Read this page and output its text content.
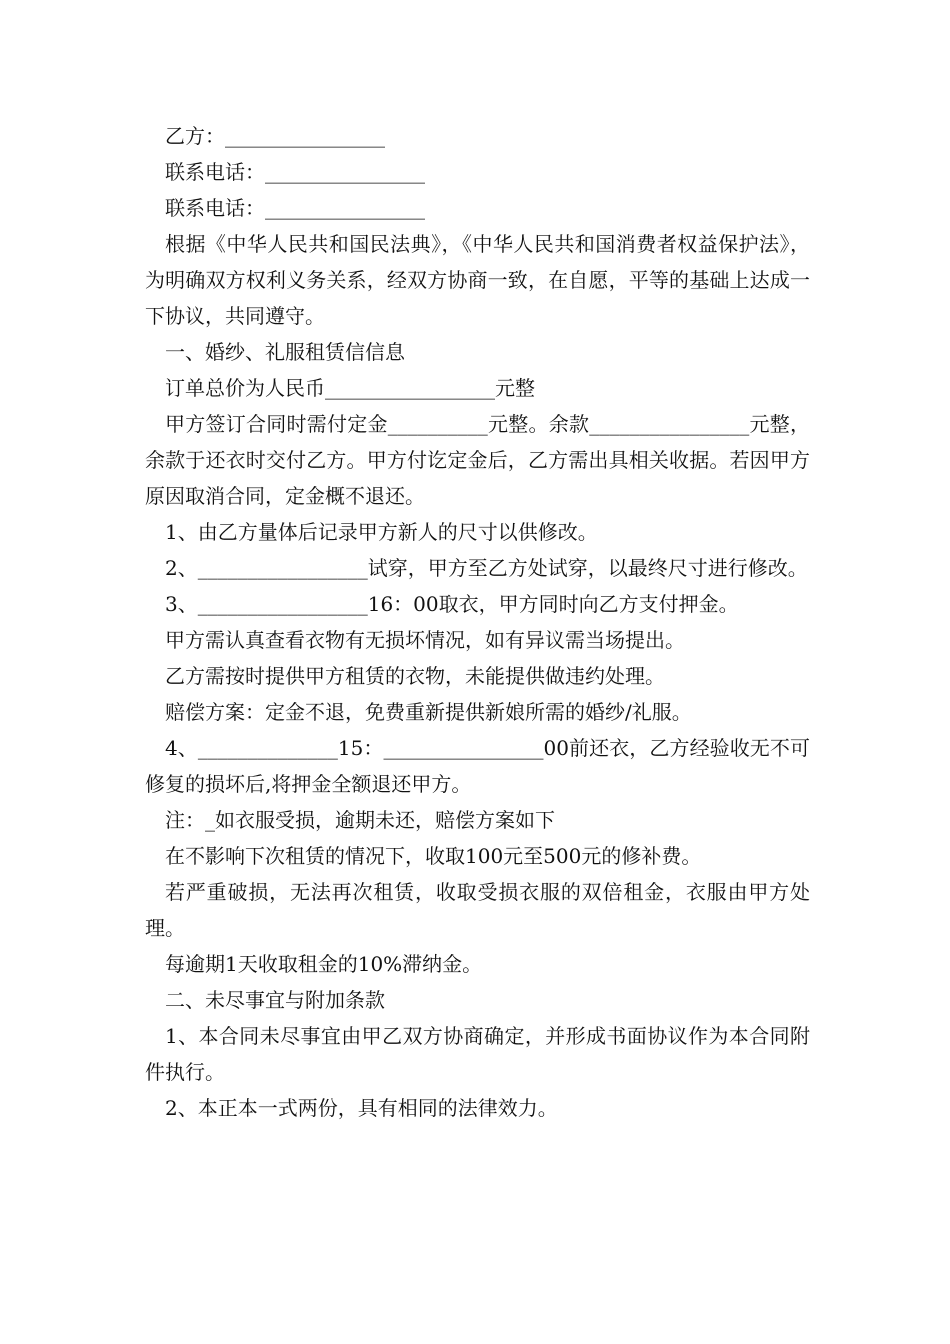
乙方：________________

联系电话：________________

联系电话：________________

根据《中华人民共和国民法典》，《中华人民共和国消费者权益保护法》，为明确双方权利义务关系，经双方协商一致，在自愿，平等的基础上达成一下协议，共同遵守。

一、婚纱、礼服租赁信信息

订单总价为人民币_________________元整

甲方签订合同时需付定金__________元整。余款________________元整，余款于还衣时交付乙方。甲方付讫定金后，乙方需出具相关收据。若因甲方原因取消合同，定金概不退还。

1、由乙方量体后记录甲方新人的尺寸以供修改。

2、_________________试穿，甲方至乙方处试穿，以最终尺寸进行修改。

3、_________________16：00取衣，甲方同时向乙方支付押金。

甲方需认真查看衣物有无损坏情况，如有异议需当场提出。

乙方需按时提供甲方租赁的衣物，未能提供做违约处理。

赔偿方案：定金不退，免费重新提供新娘所需的婚纱/礼服。

4、______________15：________________00前还衣，乙方经验收无不可修复的损坏后,将押金全额退还甲方。

注：_如衣服受损，逾期未还，赔偿方案如下

在不影响下次租赁的情况下，收取100元至500元的修补费。

若严重破损，无法再次租赁，收取受损衣服的双倍租金，衣服由甲方处理。

每逾期1天收取租金的10%滞纳金。

二、未尽事宜与附加条款

1、本合同未尽事宜由甲乙双方协商确定，并形成书面协议作为本合同附件执行。

2、本正本一式两份，具有相同的法律效力。
